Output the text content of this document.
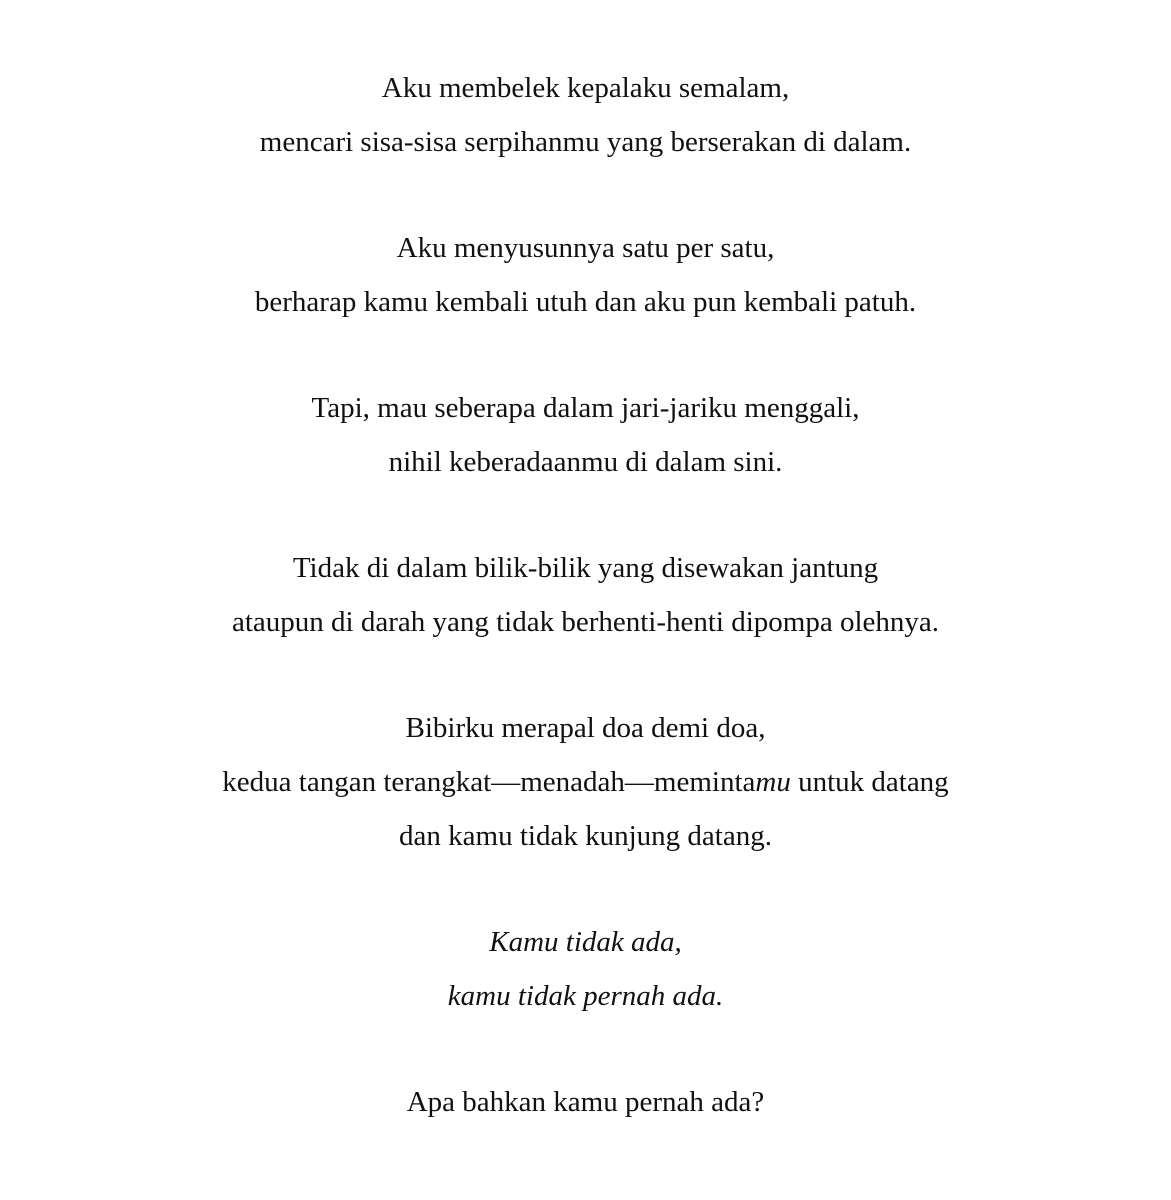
Aku membelek kepalaku semalam,
mencari sisa-sisa serpihanmu yang berserakan di dalam.
Aku menyusunnya satu per satu,
berharap kamu kembali utuh dan aku pun kembali patuh.
Tapi, mau seberapa dalam jari-jariku menggali,
nihil keberadaanmu di dalam sini.
Tidak di dalam bilik-bilik yang disewakan jantung
ataupun di darah yang tidak berhenti-henti dipompa olehnya.
Bibirku merapal doa demi doa,
kedua tangan terangkat—menadah—memintamu untuk datang
dan kamu tidak kunjung datang.
Kamu tidak ada,
kamu tidak pernah ada.
Apa bahkan kamu pernah ada?
